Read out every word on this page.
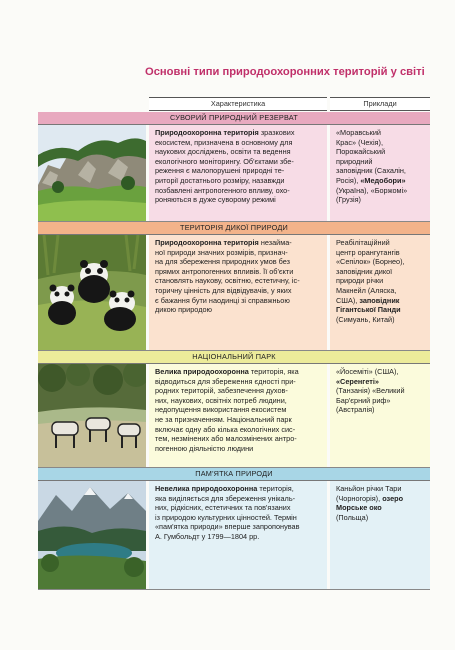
Основні типи природоохоронних територій у світі
Характеристика	Приклади
СУВОРИЙ ПРИРОДНИЙ РЕЗЕРВАТ
Природоохоронна територія зразкових
екосистем, призначена в основному для
наукових досліджень, освіти та ведення
екологічного моніторингу. Об'єктами збе-
реження є малопорушені природні те-
риторії достатнього розміру, назавжди
позбавлені антропогенного впливу, охо-
роняються в дуже суворому режимі
«Моравський
Крас» (Чехія),
Порожайський
природний
заповідник (Сахалін,
Росія), «Медобори»
(Україна), «Боржомі»
(Грузія)
ТЕРИТОРІЯ ДИКОЇ ПРИРОДИ
Природоохоронна територія незайма-
ної природи значних розмірів, признач-
на для збереження природних умов без
прямих антропогенних впливів. Її об'єкти
становлять наукову, освітню, естетичну, іс-
торичну цінність для відвідувачів, у яких
є бажання бути наодинці зі справжньою
дикою природою
Реабілітаційний
центр орангутангів
«Сепілок» (Борнео),
заповідник дикої
природи річки
Макнейл (Аляска,
США), заповідник
Гігантської Панди
(Симуань, Китай)
НАЦІОНАЛЬНИЙ ПАРК
Велика природоохоронна територія, яка
відводиться для збереження єдності при-
родних територій, забезпечення духов-
них, наукових, освітніх потреб людини,
недопущення використання екосистем
не за призначенням. Національний парк
включає одну або кілька екологічних сис-
тем, незмінених або малозмінених антро-
погенною діяльністю людини
«Йосеміті» (США),
«Серенгеті»
(Танзанія) «Великий
Бар'єрний риф»
(Австралія)
ПАМ'ЯТКА ПРИРОДИ
Невелика природоохоронна територія,
яка виділяється для збереження унікаль-
них, рідкісних, естетичних та пов'язаних
із природою культурних цінностей. Термін
«пам'ятка природи» вперше запропонував
А. Гумбольдт у 1799—1804 рр.
Каньйон річки Тари
(Чорногорія), озеро
Морське око
(Польща)
